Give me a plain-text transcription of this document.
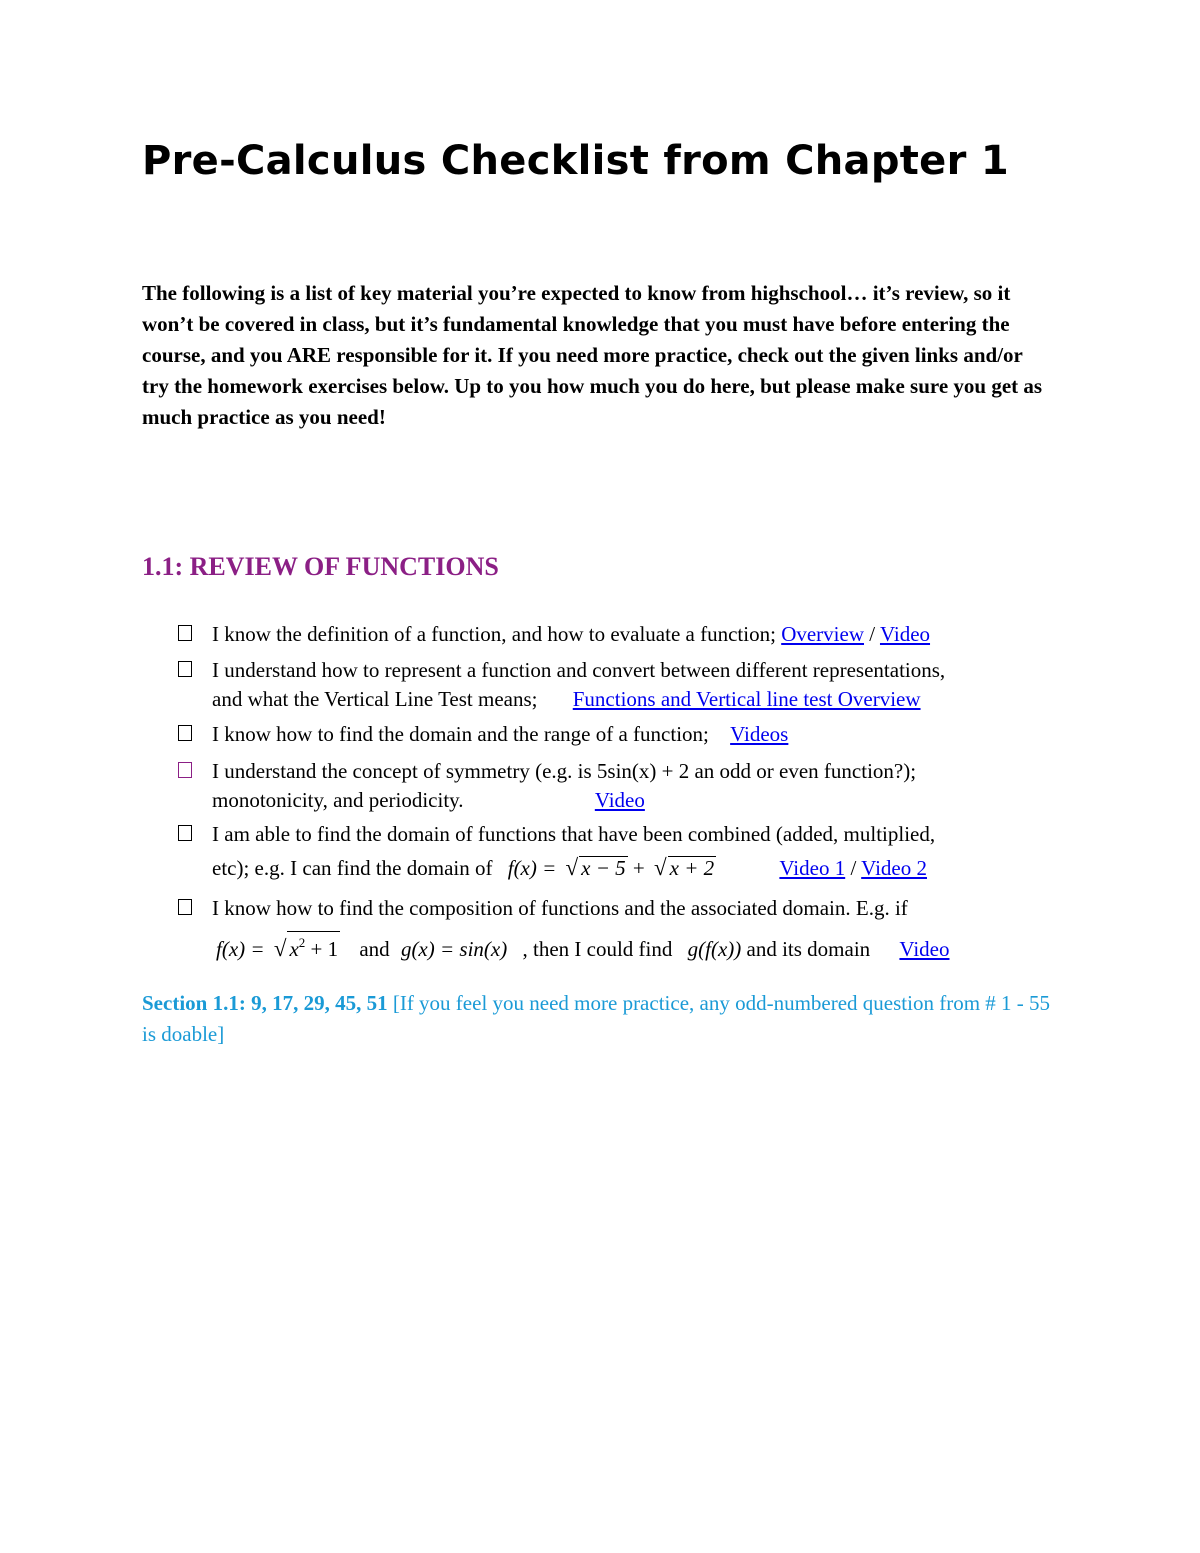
Pre-Calculus Checklist from Chapter 1

The following is a list of key material you’re expected to know from highschool… it’s review, so it won’t be covered in class, but it’s fundamental knowledge that you must have before entering the course, and you ARE responsible for it. If you need more practice, check out the given links and/or try the homework exercises below. Up to you how much you do here, but please make sure you get as much practice as you need!

1.1: REVIEW OF FUNCTIONS
I know the definition of a function, and how to evaluate a function; Overview / Video
I understand how to represent a function and convert between different representations,
and what the Vertical Line Test means; Functions and Vertical line test Overview
I know how to find the domain and the range of a function; Videos
I understand the concept of symmetry (e.g. is 5sin(x) + 2 an odd or even function?);
monotonicity, and periodicity.	Video
I am able to find the domain of functions that have been combined (added, multiplied,
etc); e.g. I can find the domain of f(x) = √ x − 5 + √ x + 2	Video 1 / Video 2
I know how to find the composition of functions and the associated domain. E.g. if
f(x) = √ $x^2 + 1$ and g(x) = sin(x) , then I could find g(f(x)) and its domain Video

Section 1.1: 9, 17, 29, 45, 51 [If you feel you need more practice, any odd-numbered question from # 1 - 55 is doable]
